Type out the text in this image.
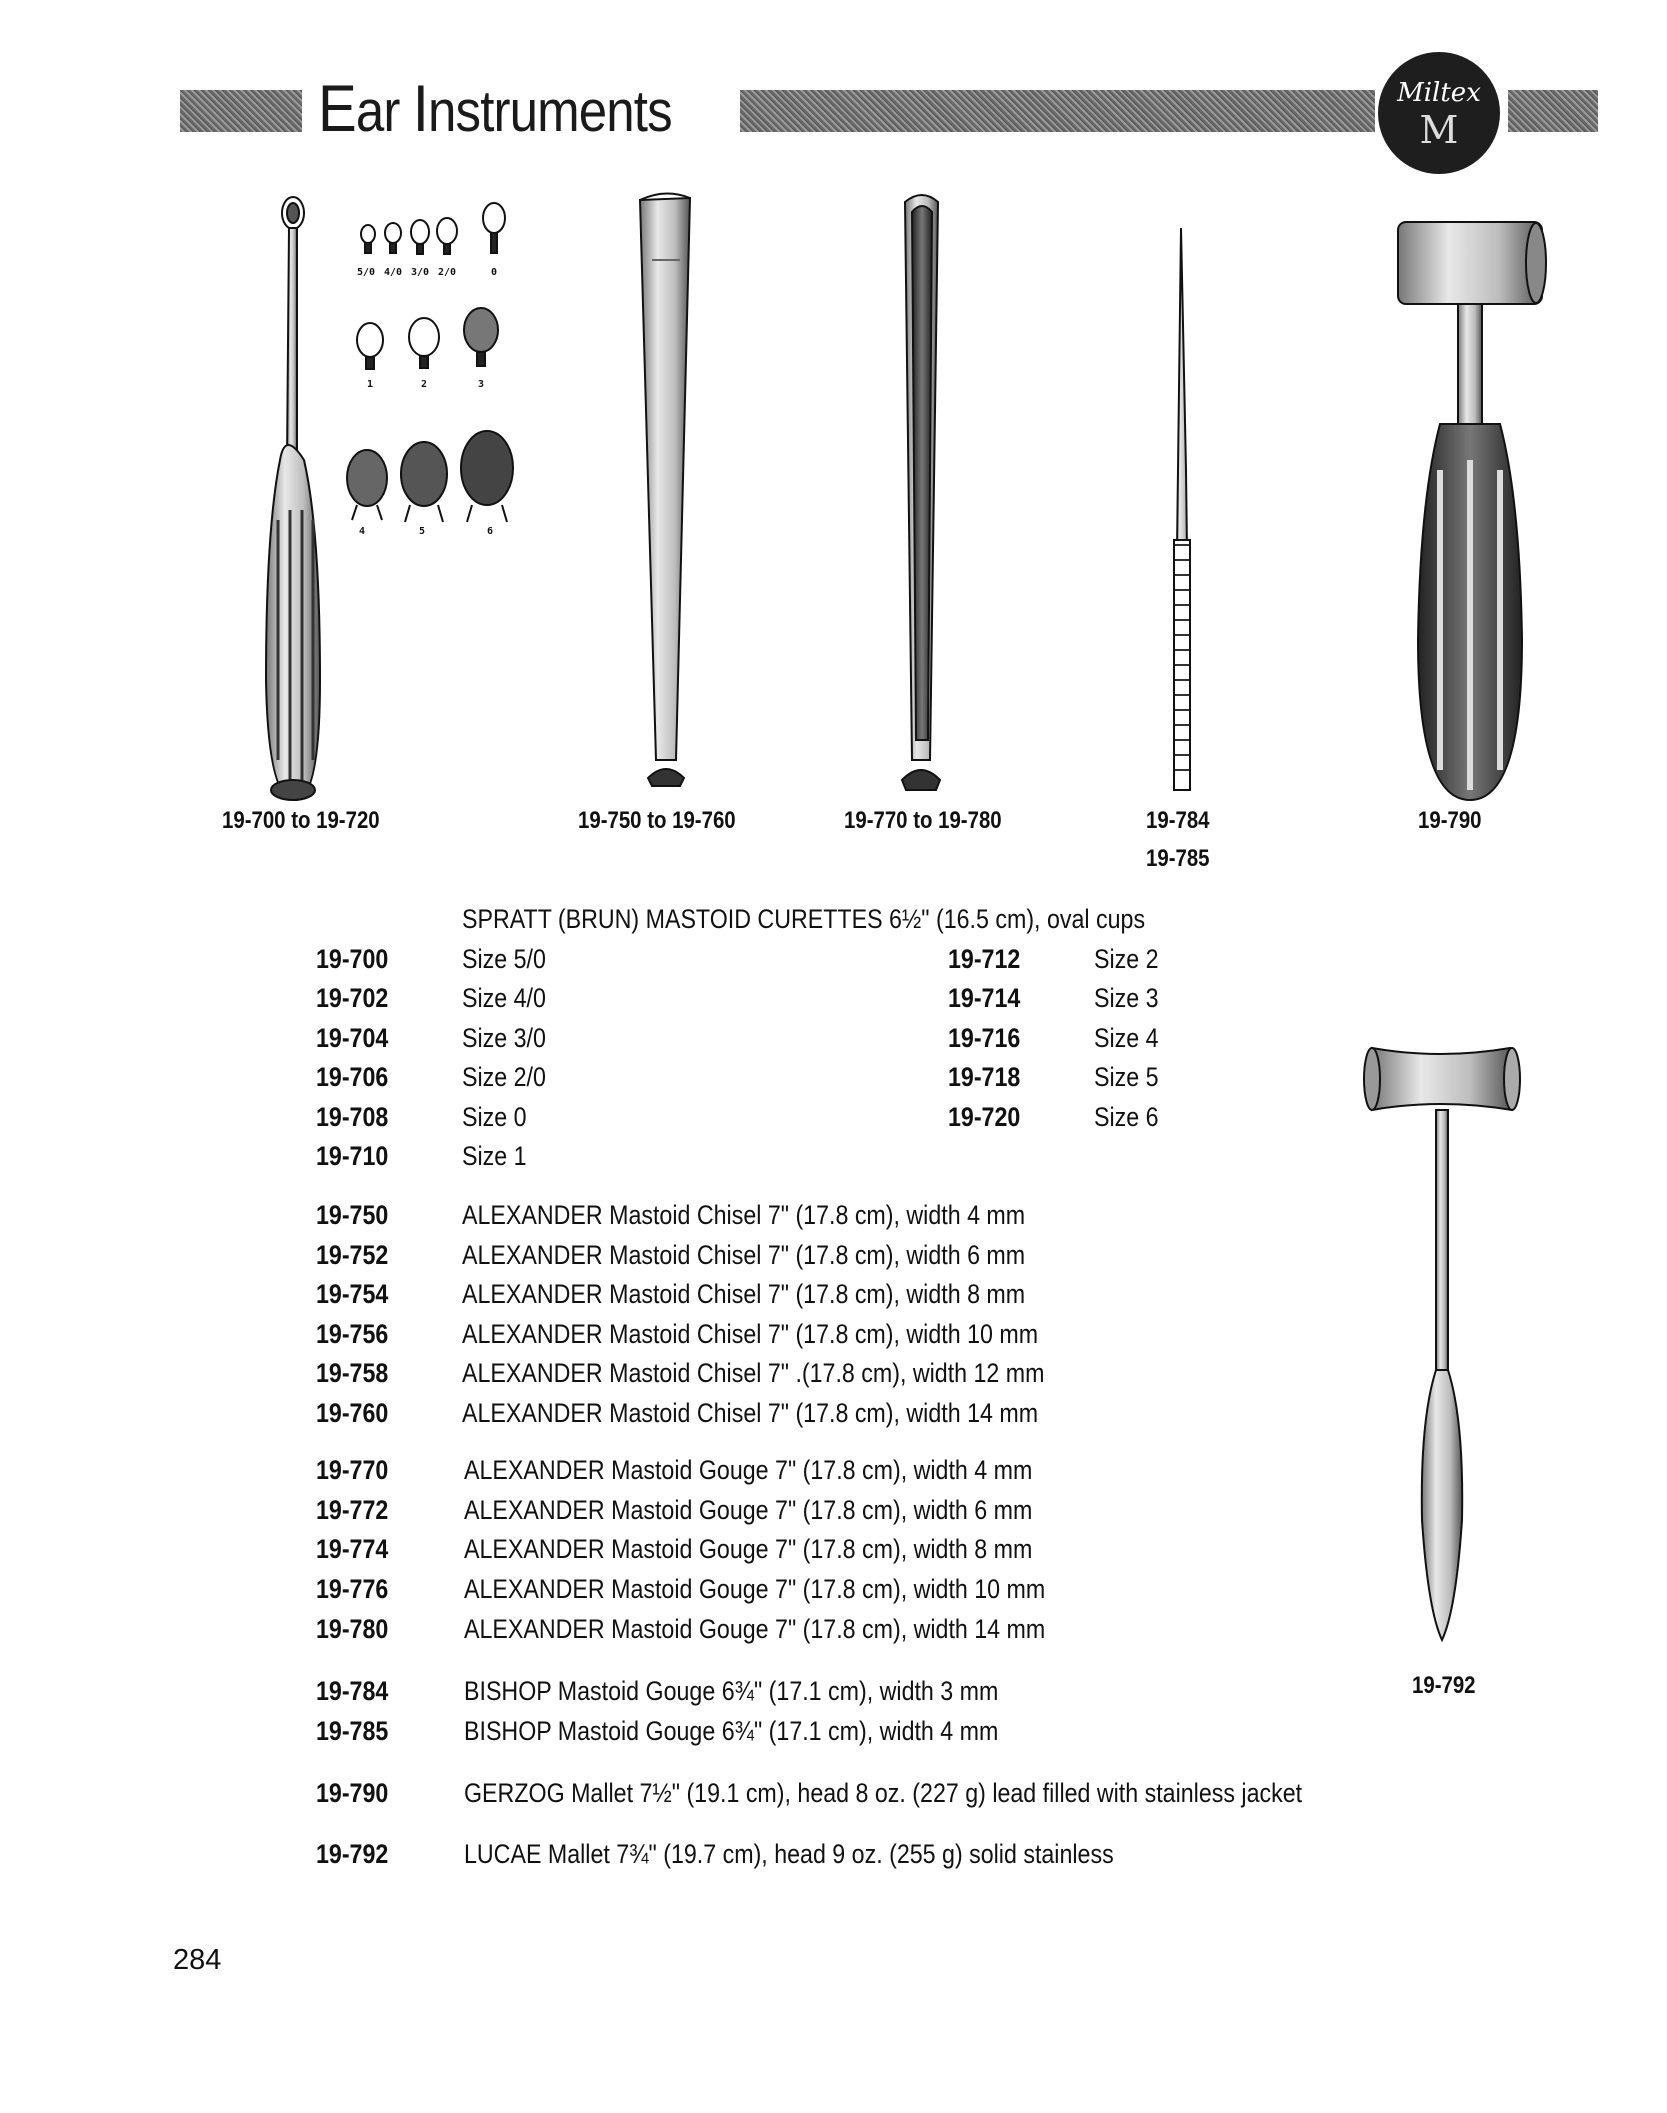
Ear Instruments	Miltex
M
5/0 4/0 3/0 2/0	0
1	2	3
4	5	6
19-700 to 19-720	19-750 to 19-760	19-770 to 19-780	19-784
19-785
19-790
19-792
SPRATT (BRUN) MASTOID CURETTES 6½" (16.5 cm), oval cups
19-700	Size 5/0
19-702	Size 4/0
19-704	Size 3/0
19-706	Size 2/0
19-708	Size 0
19-710	Size 1
19-712	Size 2
19-714	Size 3
19-716	Size 4
19-718	Size 5
19-720	Size 6
19-750	ALEXANDER Mastoid Chisel 7" (17.8 cm), width 4 mm
19-752	ALEXANDER Mastoid Chisel 7" (17.8 cm), width 6 mm
19-754	ALEXANDER Mastoid Chisel 7" (17.8 cm), width 8 mm
19-756	ALEXANDER Mastoid Chisel 7" (17.8 cm), width 10 mm
19-758	ALEXANDER Mastoid Chisel 7" .(17.8 cm), width 12 mm
19-760	ALEXANDER Mastoid Chisel 7" (17.8 cm), width 14 mm
19-770	ALEXANDER Mastoid Gouge 7" (17.8 cm), width 4 mm
19-772	ALEXANDER Mastoid Gouge 7" (17.8 cm), width 6 mm
19-774	ALEXANDER Mastoid Gouge 7" (17.8 cm), width 8 mm
19-776	ALEXANDER Mastoid Gouge 7" (17.8 cm), width 10 mm
19-780	ALEXANDER Mastoid Gouge 7" (17.8 cm), width 14 mm
19-784	BISHOP Mastoid Gouge 6¾" (17.1 cm), width 3 mm
19-785	BISHOP Mastoid Gouge 6¾" (17.1 cm), width 4 mm
19-790	GERZOG Mallet 7½" (19.1 cm), head 8 oz. (227 g) lead filled with stainless jacket
19-792	LUCAE Mallet 7¾" (19.7 cm), head 9 oz. (255 g) solid stainless
284
